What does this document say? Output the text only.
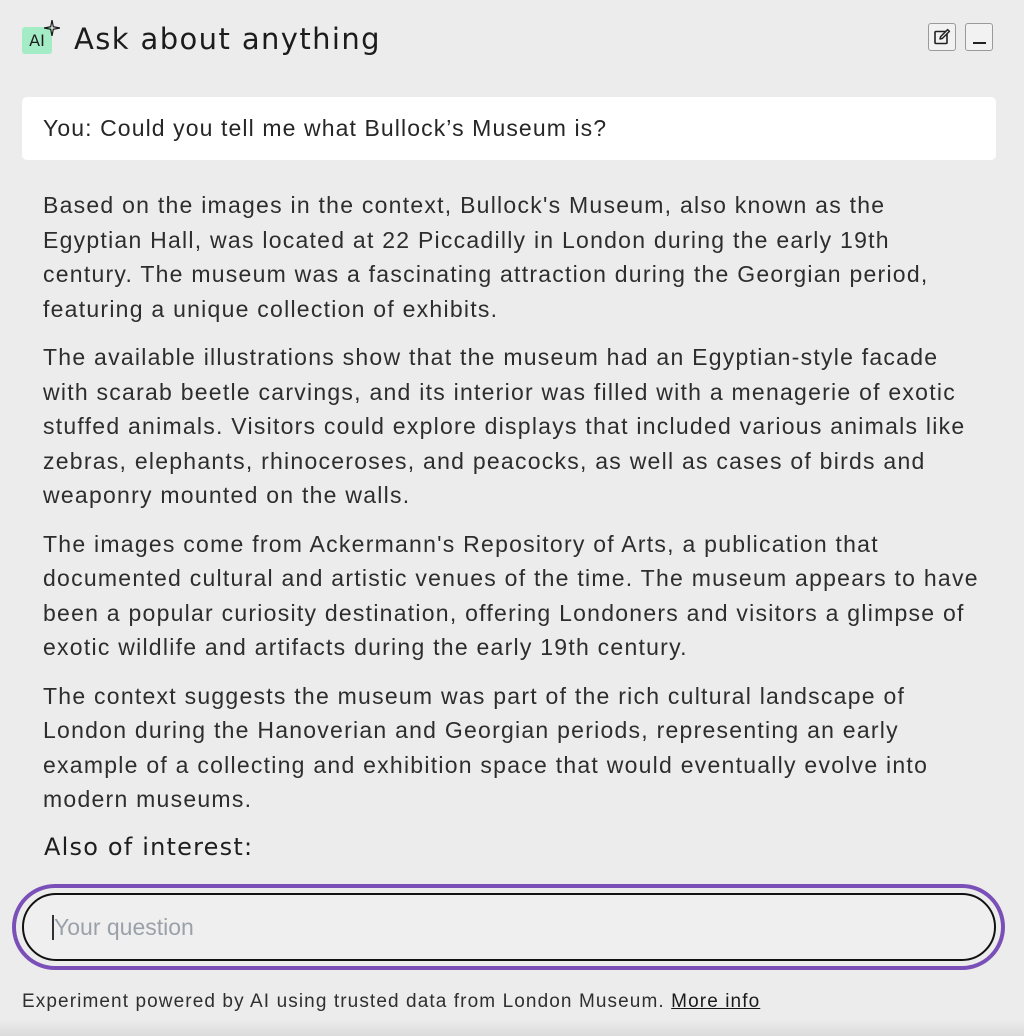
AI Ask about anything
You: Could you tell me what Bullock’s Museum is?

Based on the images in the context, Bullock's Museum, also known as the Egyptian Hall, was located at 22 Piccadilly in London during the early 19th century. The museum was a fascinating attraction during the Georgian period, featuring a unique collection of exhibits.

The available illustrations show that the museum had an Egyptian-style facade with scarab beetle carvings, and its interior was filled with a menagerie of exotic stuffed animals. Visitors could explore displays that included various animals like zebras, elephants, rhinoceroses, and peacocks, as well as cases of birds and weaponry mounted on the walls.

The images come from Ackermann's Repository of Arts, a publication that documented cultural and artistic venues of the time. The museum appears to have been a popular curiosity destination, offering Londoners and visitors a glimpse of exotic wildlife and artifacts during the early 19th century.

The context suggests the museum was part of the rich cultural landscape of London during the Hanoverian and Georgian periods, representing an early example of a collecting and exhibition space that would eventually evolve into modern museums.

Also of interest:
Your question
Experiment powered by AI using trusted data from London Museum. More info
